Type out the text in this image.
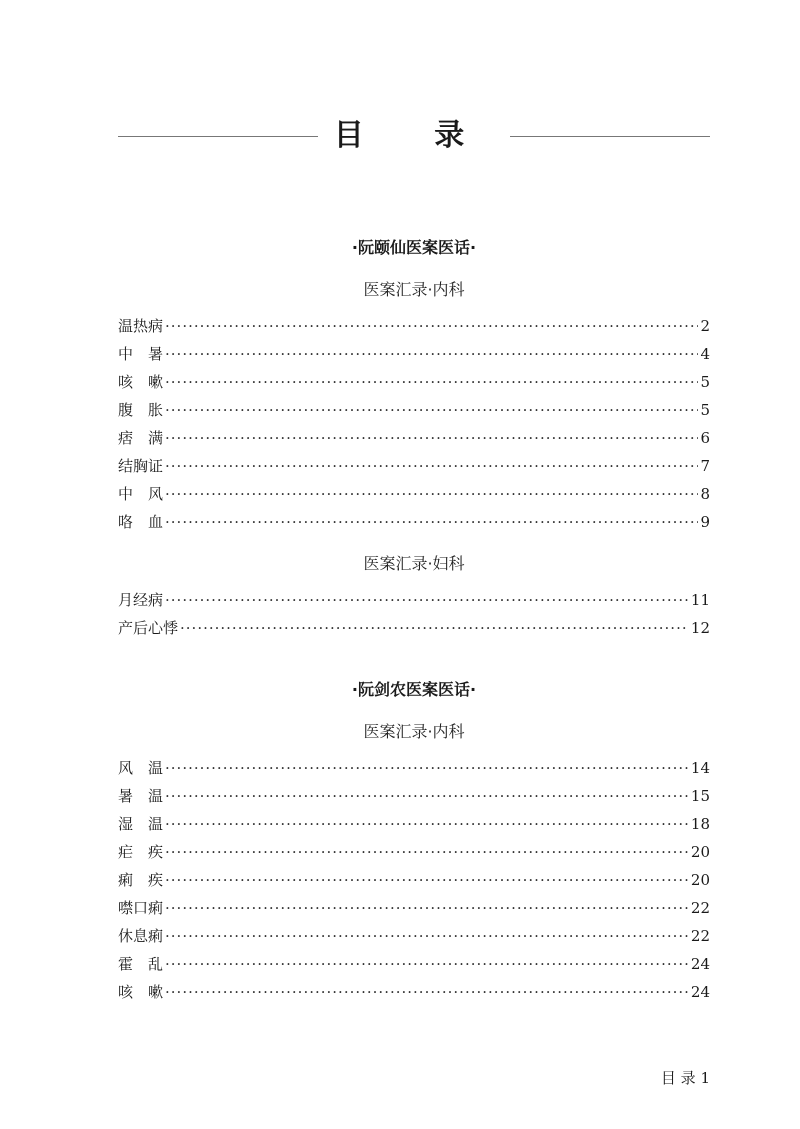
目 录
·阮颐仙医案医话·
医案汇录·内科
温热病 ·····	2
中　暑 ·····	4
咳　嗽 ·····	5
腹　胀 ·····	5
痞　满 ·····	6
结胸证 ·····	7
中　风 ·····	8
咯　血 ·····	9
医案汇录·妇科
月经病 ·····	11
产后心悸 ·····	12
·阮剑农医案医话·
医案汇录·内科
风　温 ·····	14
暑　温 ·····	15
湿　温 ·····	18
疟　疾 ·····	20
痢　疾 ·····	20
噤口痢 ·····	22
休息痢 ·····	22
霍　乱 ·····	24
咳　嗽 ·····	24
目 录 1
